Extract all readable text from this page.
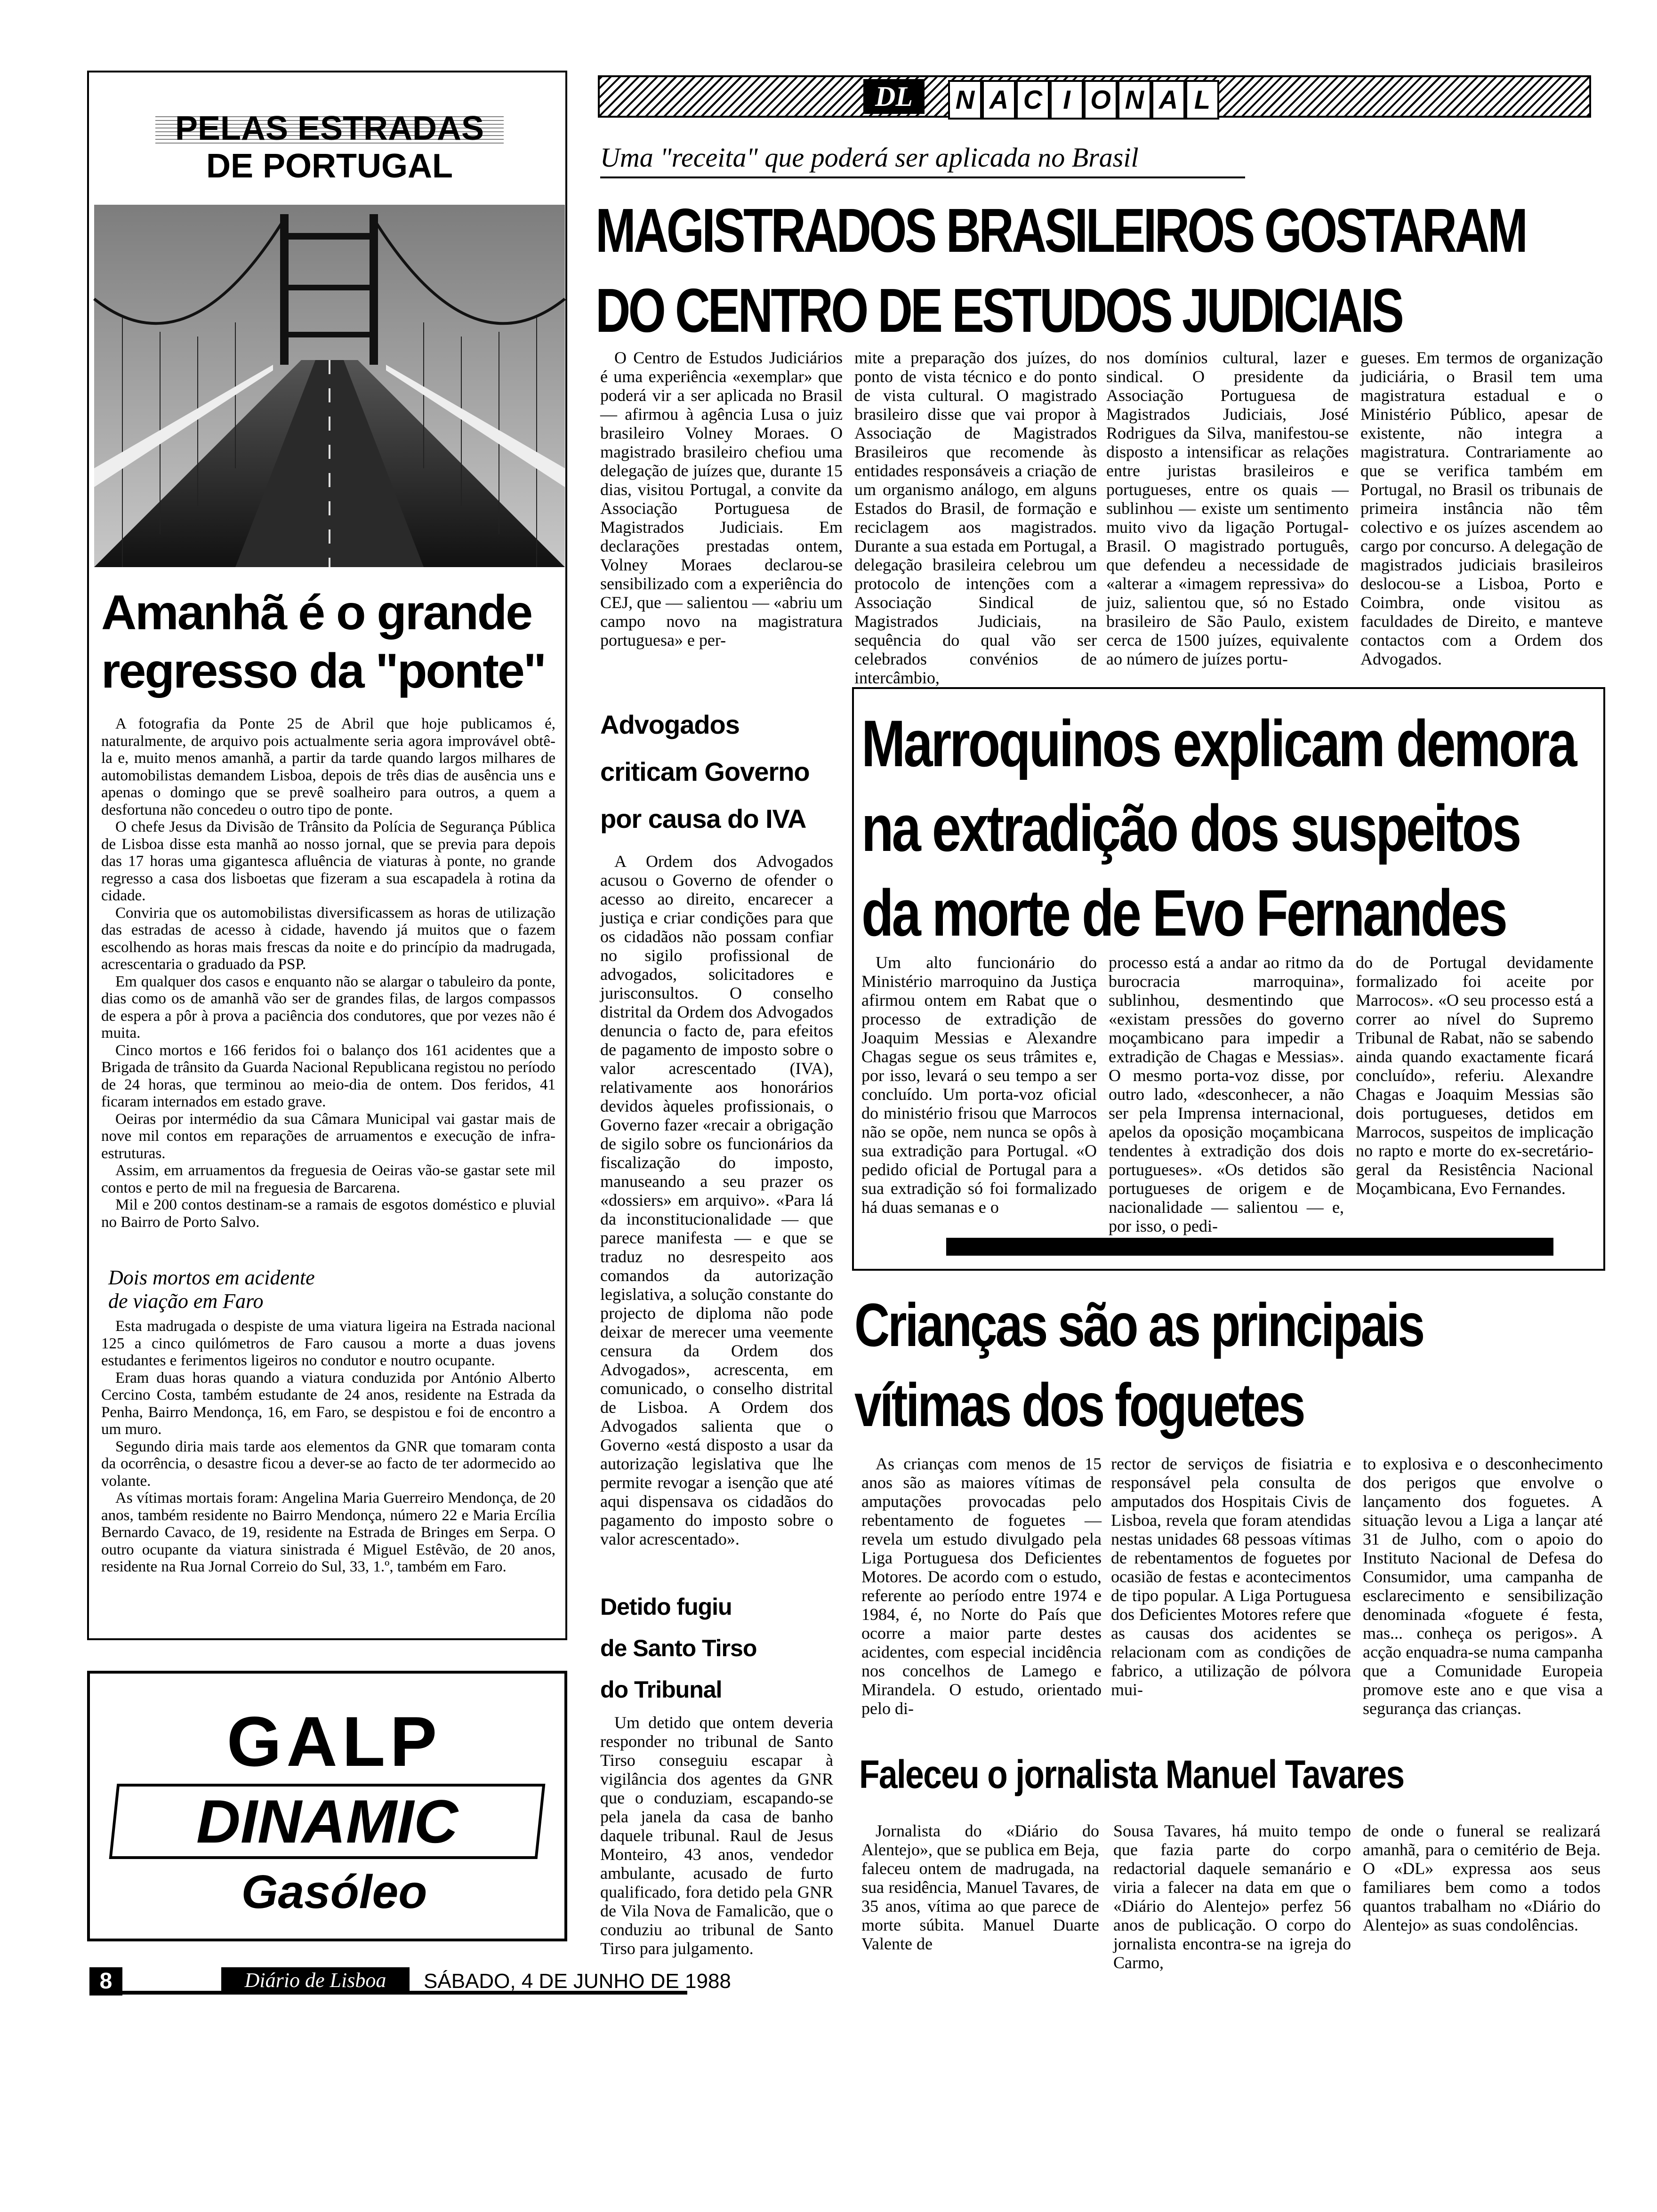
DL	N A C I O N A L
PELAS ESTRADAS
DE PORTUGAL
Amanhã é o grande
regresso da "ponte"

A fotografia da Ponte 25 de Abril que hoje publicamos é, naturalmente, de arquivo pois actualmente seria agora improvável obtê-la e, muito menos amanhã, a partir da tarde quando largos milhares de automobilistas demandem Lisboa, depois de três dias de ausência uns e apenas o domingo que se prevê soalheiro para outros, a quem a desfortuna não concedeu o outro tipo de ponte.

O chefe Jesus da Divisão de Trânsito da Polícia de Segurança Pública de Lisboa disse esta manhã ao nosso jornal, que se previa para depois das 17 horas uma gigantesca afluência de viaturas à ponte, no grande regresso a casa dos lisboetas que fizeram a sua escapadela à rotina da cidade.

Conviria que os automobilistas diversificassem as horas de utilização das estradas de acesso à cidade, havendo já muitos que o fazem escolhendo as horas mais frescas da noite e do princípio da madrugada, acrescentaria o graduado da PSP.

Em qualquer dos casos e enquanto não se alargar o tabuleiro da ponte, dias como os de amanhã vão ser de grandes filas, de largos compassos de espera a pôr à prova a paciência dos condutores, que por vezes não é muita.

Cinco mortos e 166 feridos foi o balanço dos 161 acidentes que a Brigada de trânsito da Guarda Nacional Republicana registou no período de 24 horas, que terminou ao meio-dia de ontem. Dos feridos, 41 ficaram internados em estado grave.

Oeiras por intermédio da sua Câmara Municipal vai gastar mais de nove mil contos em reparações de arruamentos e execução de infra-estruturas.

Assim, em arruamentos da freguesia de Oeiras vão-se gastar sete mil contos e perto de mil na freguesia de Barcarena.

Mil e 200 contos destinam-se a ramais de esgotos doméstico e pluvial no Bairro de Porto Salvo.

Dois mortos em acidente
de viação em Faro

Esta madrugada o despiste de uma viatura ligeira na Estrada nacional 125 a cinco quilómetros de Faro causou a morte a duas jovens estudantes e ferimentos ligeiros no condutor e noutro ocupante.

Eram duas horas quando a viatura conduzida por António Alberto Cercino Costa, também estudante de 24 anos, residente na Estrada da Penha, Bairro Mendonça, 16, em Faro, se despistou e foi de encontro a um muro.

Segundo diria mais tarde aos elementos da GNR que tomaram conta da ocorrência, o desastre ficou a dever-se ao facto de ter adormecido ao volante.

As vítimas mortais foram: Angelina Maria Guerreiro Mendonça, de 20 anos, também residente no Bairro Mendonça, número 22 e Maria Ercília Bernardo Cavaco, de 19, residente na Estrada de Bringes em Serpa. O outro ocupante da viatura sinistrada é Miguel Estêvão, de 20 anos, residente na Rua Jornal Correio do Sul, 33, 1.º, também em Faro.

GALP
DINAMIC
Gasóleo
8	Diário de Lisboa	SÁBADO, 4 DE JUNHO DE 1988
Uma "receita" que poderá ser aplicada no Brasil
MAGISTRADOS BRASILEIROS GOSTARAM
DO CENTRO DE ESTUDOS JUDICIAIS
O Centro de Estudos Judiciários é uma experiência «exemplar» que poderá vir a ser aplicada no Brasil — afirmou à agência Lusa o juiz brasileiro Volney Moraes. O magistrado brasileiro chefiou uma delegação de juízes que, durante 15 dias, visitou Portugal, a convite da Associação Portuguesa de Magistrados Judiciais. Em declarações prestadas ontem, Volney Moraes declarou-se sensibilizado com a experiência do CEJ, que — salientou — «abriu um campo novo na magistratura portuguesa» e per-
mite a preparação dos juízes, do ponto de vista técnico e do ponto de vista cultural. O magistrado brasileiro disse que vai propor à Associação de Magistrados Brasileiros que recomende às entidades responsáveis a criação de um organismo análogo, em alguns Estados do Brasil, de formação e reciclagem aos magistrados. Durante a sua estada em Portugal, a delegação brasileira celebrou um protocolo de intenções com a Associação Sindical de Magistrados Judiciais, na sequência do qual vão ser celebrados convénios de intercâmbio,
nos domínios cultural, lazer e sindical. O presidente da Associação Portuguesa de Magistrados Judiciais, José Rodrigues da Silva, manifestou-se disposto a intensificar as relações entre juristas brasileiros e portugueses, entre os quais — sublinhou — existe um sentimento muito vivo da ligação Portugal-Brasil. O magistrado português, que defendeu a necessidade de «alterar a «imagem repressiva» do juiz, salientou que, só no Estado brasileiro de São Paulo, existem cerca de 1500 juízes, equivalente ao número de juízes portu-
gueses. Em termos de organização judiciária, o Brasil tem uma magistratura estadual e o Ministério Público, apesar de existente, não integra a magistratura. Contrariamente ao que se verifica também em Portugal, no Brasil os tribunais de primeira instância não têm colectivo e os juízes ascendem ao cargo por concurso. A delegação de magistrados judiciais brasileiros deslocou-se a Lisboa, Porto e Coimbra, onde visitou as faculdades de Direito, e manteve contactos com a Ordem dos Advogados.
Advogados
criticam Governo
por causa do IVA
A Ordem dos Advogados acusou o Governo de ofender o acesso ao direito, encarecer a justiça e criar condições para que os cidadãos não possam confiar no sigilo profissional de advogados, solicitadores e jurisconsultos. O conselho distrital da Ordem dos Advogados denuncia o facto de, para efeitos de pagamento de imposto sobre o valor acrescentado (IVA), relativamente aos honorários devidos àqueles profissionais, o Governo fazer «recair a obrigação de sigilo sobre os funcionários da fiscalização do imposto, manuseando a seu prazer os «dossiers» em arquivo». «Para lá da inconstitucionalidade — que parece manifesta — e que se traduz no desrespeito aos comandos da autorização legislativa, a solução constante do projecto de diploma não pode deixar de merecer uma veemente censura da Ordem dos Advogados», acrescenta, em comunicado, o conselho distrital de Lisboa. A Ordem dos Advogados salienta que o Governo «está disposto a usar da autorização legislativa que lhe permite revogar a isenção que até aqui dispensava os cidadãos do pagamento do imposto sobre o valor acrescentado».
Detido fugiu
de Santo Tirso
do Tribunal
Um detido que ontem deveria responder no tribunal de Santo Tirso conseguiu escapar à vigilância dos agentes da GNR que o conduziam, escapando-se pela janela da casa de banho daquele tribunal. Raul de Jesus Monteiro, 43 anos, vendedor ambulante, acusado de furto qualificado, fora detido pela GNR de Vila Nova de Famalicão, que o conduziu ao tribunal de Santo Tirso para julgamento.
Marroquinos explicam demora
na extradição dos suspeitos
da morte de Evo Fernandes
Um alto funcionário do Ministério marroquino da Justiça afirmou ontem em Rabat que o processo de extradição de Joaquim Messias e Alexandre Chagas segue os seus trâmites e, por isso, levará o seu tempo a ser concluído. Um porta-voz oficial do ministério frisou que Marrocos não se opõe, nem nunca se opôs à sua extradição para Portugal. «O pedido oficial de Portugal para a sua extradição só foi formalizado há duas semanas e o
processo está a andar ao ritmo da burocracia marroquina», sublinhou, desmentindo que «existam pressões do governo moçambicano para impedir a extradição de Chagas e Messias». O mesmo porta-voz disse, por outro lado, «desconhecer, a não ser pela Imprensa internacional, apelos da oposição moçambicana tendentes à extradição dos dois portugueses». «Os detidos são portugueses de origem e de nacionalidade — salientou — e, por isso, o pedi-
do de Portugal devidamente formalizado foi aceite por Marrocos». «O seu processo está a correr ao nível do Supremo Tribunal de Rabat, não se sabendo ainda quando exactamente ficará concluído», referiu. Alexandre Chagas e Joaquim Messias são dois portugueses, detidos em Marrocos, suspeitos de implicação no rapto e morte do ex-secretário-geral da Resistência Nacional Moçambicana, Evo Fernandes.
Crianças são as principais
vítimas dos foguetes
As crianças com menos de 15 anos são as maiores vítimas de amputações provocadas pelo rebentamento de foguetes — revela um estudo divulgado pela Liga Portuguesa dos Deficientes Motores. De acordo com o estudo, referente ao período entre 1974 e 1984, é, no Norte do País que ocorre a maior parte destes acidentes, com especial incidência nos concelhos de Lamego e Mirandela. O estudo, orientado pelo di-
rector de serviços de fisiatria e responsável pela consulta de amputados dos Hospitais Civis de Lisboa, revela que foram atendidas nestas unidades 68 pessoas vítimas de rebentamentos de foguetes por ocasião de festas e acontecimentos de tipo popular. A Liga Portuguesa dos Deficientes Motores refere que as causas dos acidentes se relacionam com as condições de fabrico, a utilização de pólvora mui-
to explosiva e o desconhecimento dos perigos que envolve o lançamento dos foguetes. A situação levou a Liga a lançar até 31 de Julho, com o apoio do Instituto Nacional de Defesa do Consumidor, uma campanha de esclarecimento e sensibilização denominada «foguete é festa, mas... conheça os perigos». A acção enquadra-se numa campanha que a Comunidade Europeia promove este ano e que visa a segurança das crianças.
Faleceu o jornalista Manuel Tavares
Jornalista do «Diário do Alentejo», que se publica em Beja, faleceu ontem de madrugada, na sua residência, Manuel Tavares, de 35 anos, vítima ao que parece de morte súbita. Manuel Duarte Valente de
Sousa Tavares, há muito tempo que fazia parte do corpo redactorial daquele semanário e viria a falecer na data em que o «Diário do Alentejo» perfez 56 anos de publicação. O corpo do jornalista encontra-se na igreja do Carmo,
de onde o funeral se realizará amanhã, para o cemitério de Beja. O «DL» expressa aos seus familiares bem como a todos quantos trabalham no «Diário do Alentejo» as suas condolências.
